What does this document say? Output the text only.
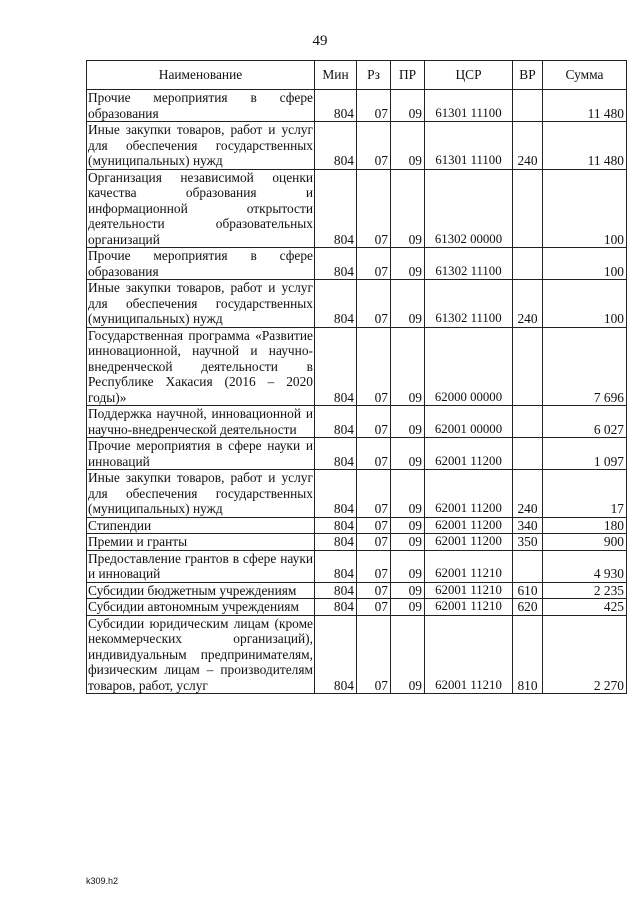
49
Наименование	Мин	Рз	ПР	ЦСР	ВР	Сумма
Прочие мероприятия в сфере образования	804	07	09	61301 11100		11 480
Иные закупки товаров, работ и услуг для обеспечения государственных (муниципальных) нужд	804	07	09	61301 11100	240	11 480
Организация независимой оценки качества образования и информационной открытости деятельности образовательных организаций	804	07	09	61302 00000		100
Прочие мероприятия в сфере образования	804	07	09	61302 11100		100
Иные закупки товаров, работ и услуг для обеспечения государственных (муниципальных) нужд	804	07	09	61302 11100	240	100
Государственная программа «Развитие инновационной, научной и научно-внедренческой деятельности в Республике Хакасия (2016 – 2020 годы)»	804	07	09	62000 00000		7 696
Поддержка научной, инновационной и научно-внедренческой деятельности	804	07	09	62001 00000		6 027
Прочие мероприятия в сфере науки и инноваций	804	07	09	62001 11200		1 097
Иные закупки товаров, работ и услуг для обеспечения государственных (муниципальных) нужд	804	07	09	62001 11200	240	17
Стипендии	804	07	09	62001 11200	340	180
Премии и гранты	804	07	09	62001 11200	350	900
Предоставление грантов в сфере науки и инноваций	804	07	09	62001 11210		4 930
Субсидии бюджетным учреждениям	804	07	09	62001 11210	610	2 235
Субсидии автономным учреждениям	804	07	09	62001 11210	620	425
Субсидии юридическим лицам (кроме некоммерческих организаций), индивидуальным предпринимателям, физическим лицам – производителям товаров, работ, услуг	804	07	09	62001 11210	810	2 270
k309.h2
